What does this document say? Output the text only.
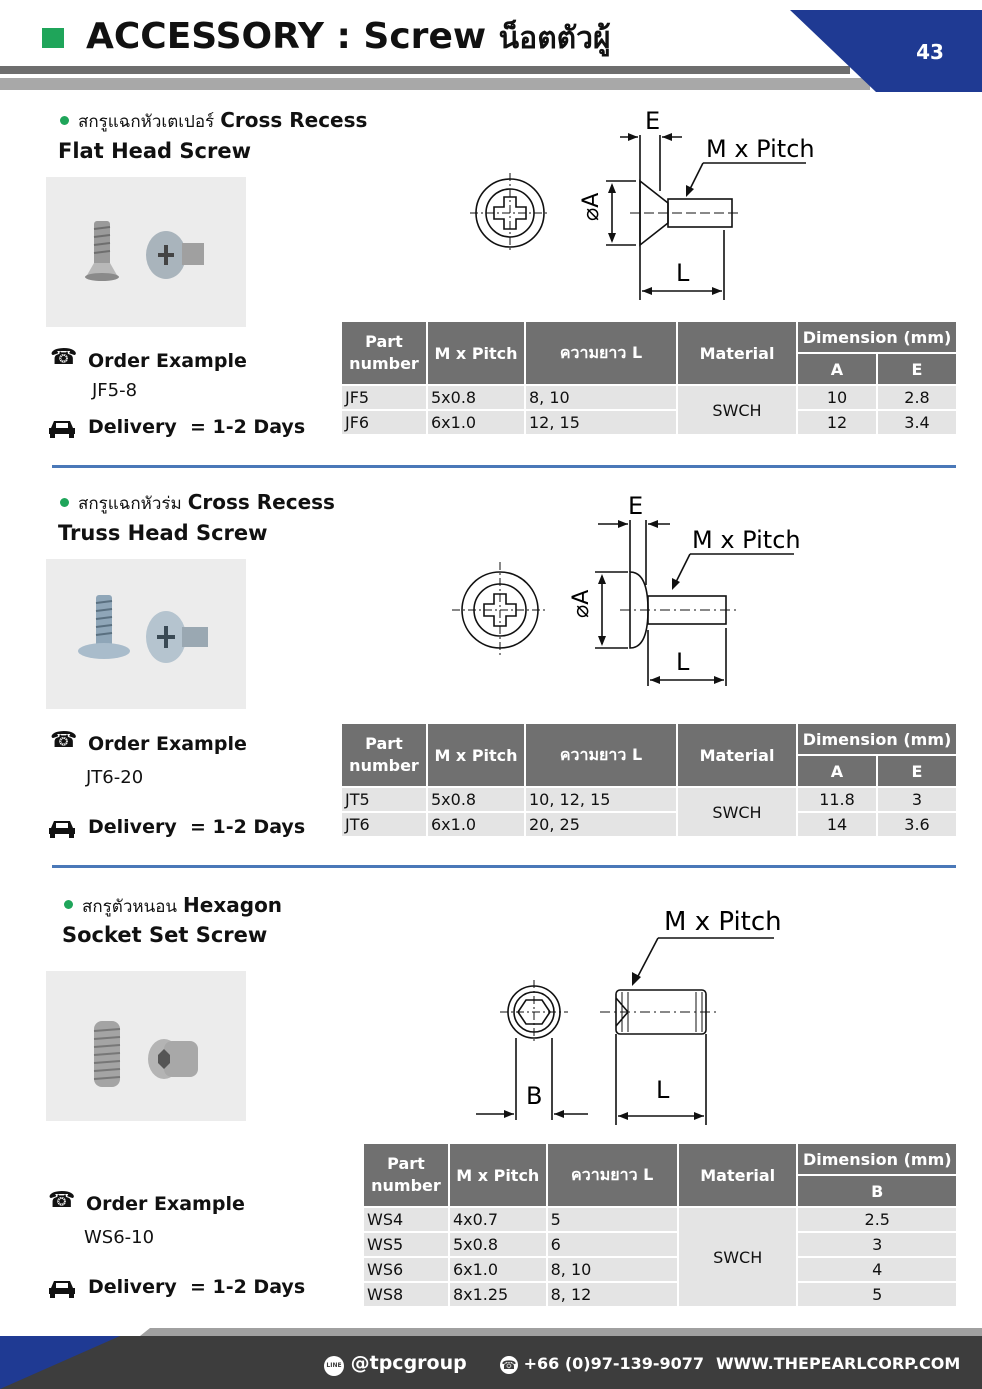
ACCESSORY : Screw น็อตตัวผู้	43
สกรูแฉกหัวเตเปอร์ Cross Recess
Flat Head Screw
E
M x Pitch
⌀A
L
☎ Order Example
JF5-8
Delivery = 1-2 Days
Part number	M x Pitch	ความยาว L	Material	Dimension (mm)	
				A	E
JF5	5x0.8	8, 10	SWCH	10	2.8
JF6	6x1.0	12, 15		12	3.4
สกรูแฉกหัวร่ม Cross Recess
Truss Head Screw
E
M x Pitch
⌀A
L
☎ Order Example
JT6-20
Delivery = 1-2 Days
Part number	M x Pitch	ความยาว L	Material	Dimension (mm)	
				A	E
JT5	5x0.8	10, 12, 15	SWCH	11.8	3
JT6	6x1.0	20, 25		14	3.6
สกรูตัวหนอน Hexagon
Socket Set Screw	M x Pitch
B	L
☎ Order Example
WS6-10
Delivery = 1-2 Days
Part number	M x Pitch	ความยาว L	Material	Dimension (mm)
				B
WS4	4x0.7	5	SWCH	2.5
WS5	5x0.8	6		3
WS6	6x1.0	8, 10		4
WS8	8x1.25	8, 12		5
LINE @tpcgroup	☎ +66 (0)97-139-9077 WWW.THEPEARLCORP.COM
